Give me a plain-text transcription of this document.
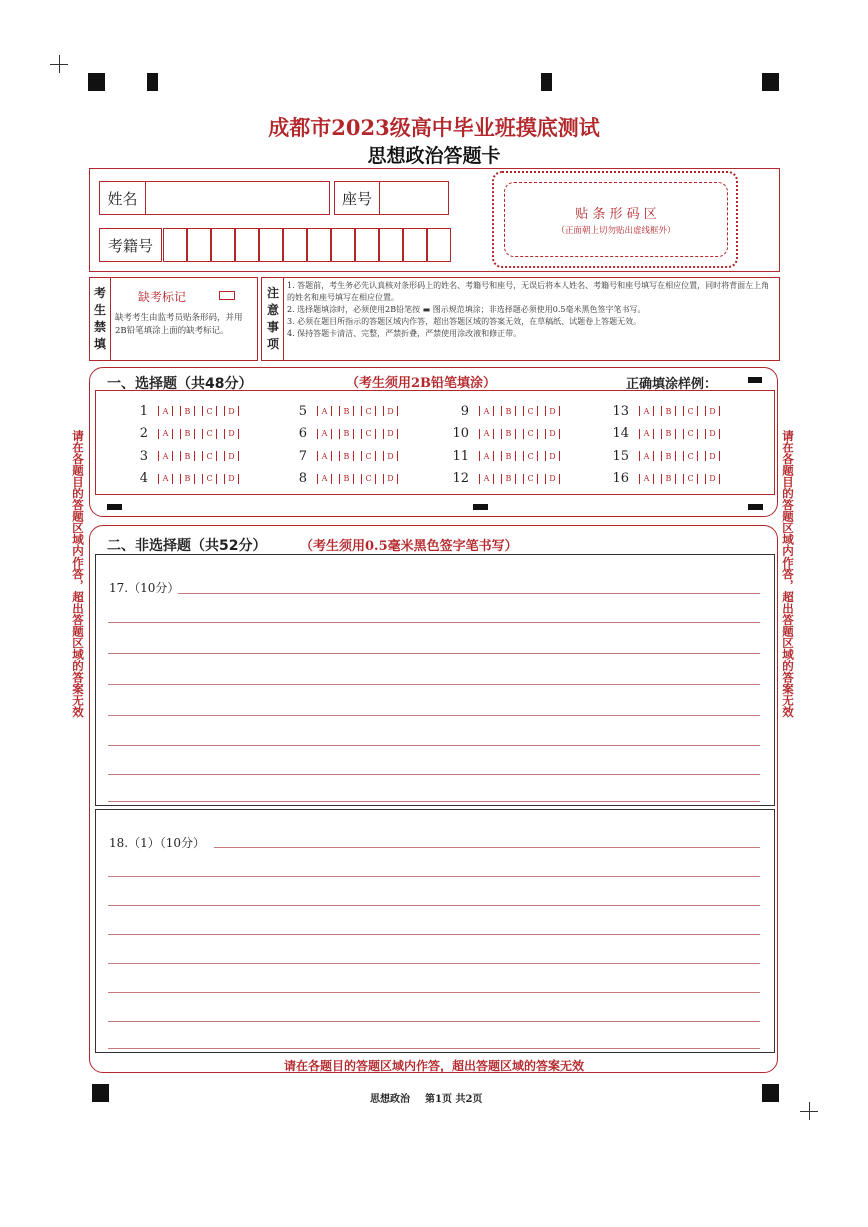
成都市2023级高中毕业班摸底测试
思想政治答题卡
姓名	座号
考籍号
贴 条 形 码 区
（正面朝上切勿贴出虚线框外）
考生禁填
缺考标记
缺考考生由监考员贴条形码，并用2B铅笔填涂上面的缺考标记。
注意事项
1. 答题前，考生务必先认真核对条形码上的姓名、考籍号和座号，无误后将本人姓名、考籍号和座号填写在相应位置，同时将背面左上角的姓名和座号填写在相应位置。
2. 选择题填涂时，必须使用2B铅笔按 ▬ 图示规范填涂；非选择题必须使用0.5毫米黑色签字笔书写。
3. 必须在题目所指示的答题区域内作答，超出答题区域的答案无效，在草稿纸、试题卷上答题无效。
4. 保持答题卡清洁、完整，严禁折叠，严禁使用涂改液和修正带。
请在各题目的答题区域内作答，超出答题区域的答案无效	请在各题目的答题区域内作答，超出答题区域的答案无效
一、选择题（共48分）	（考生须用2B铅笔填涂）	正确填涂样例：
1	A	B	C	D
2	A	B	C	D
3	A	B	C	D
4	A	B	C	D
5	A	B	C	D
6	A	B	C	D
7	A	B	C	D
8	A	B	C	D
9	A	B	C	D
10	A	B	C	D
11	A	B	C	D
12	A	B	C	D
13	A	B	C	D
14	A	B	C	D
15	A	B	C	D
16	A	B	C	D
二、非选择题（共52分）	（考生须用0.5毫米黑色签字笔书写）
17.（10分）
18.（1）（10分）
请在各题目的答题区域内作答，超出答题区域的答案无效
思想政治 第1页 共2页
